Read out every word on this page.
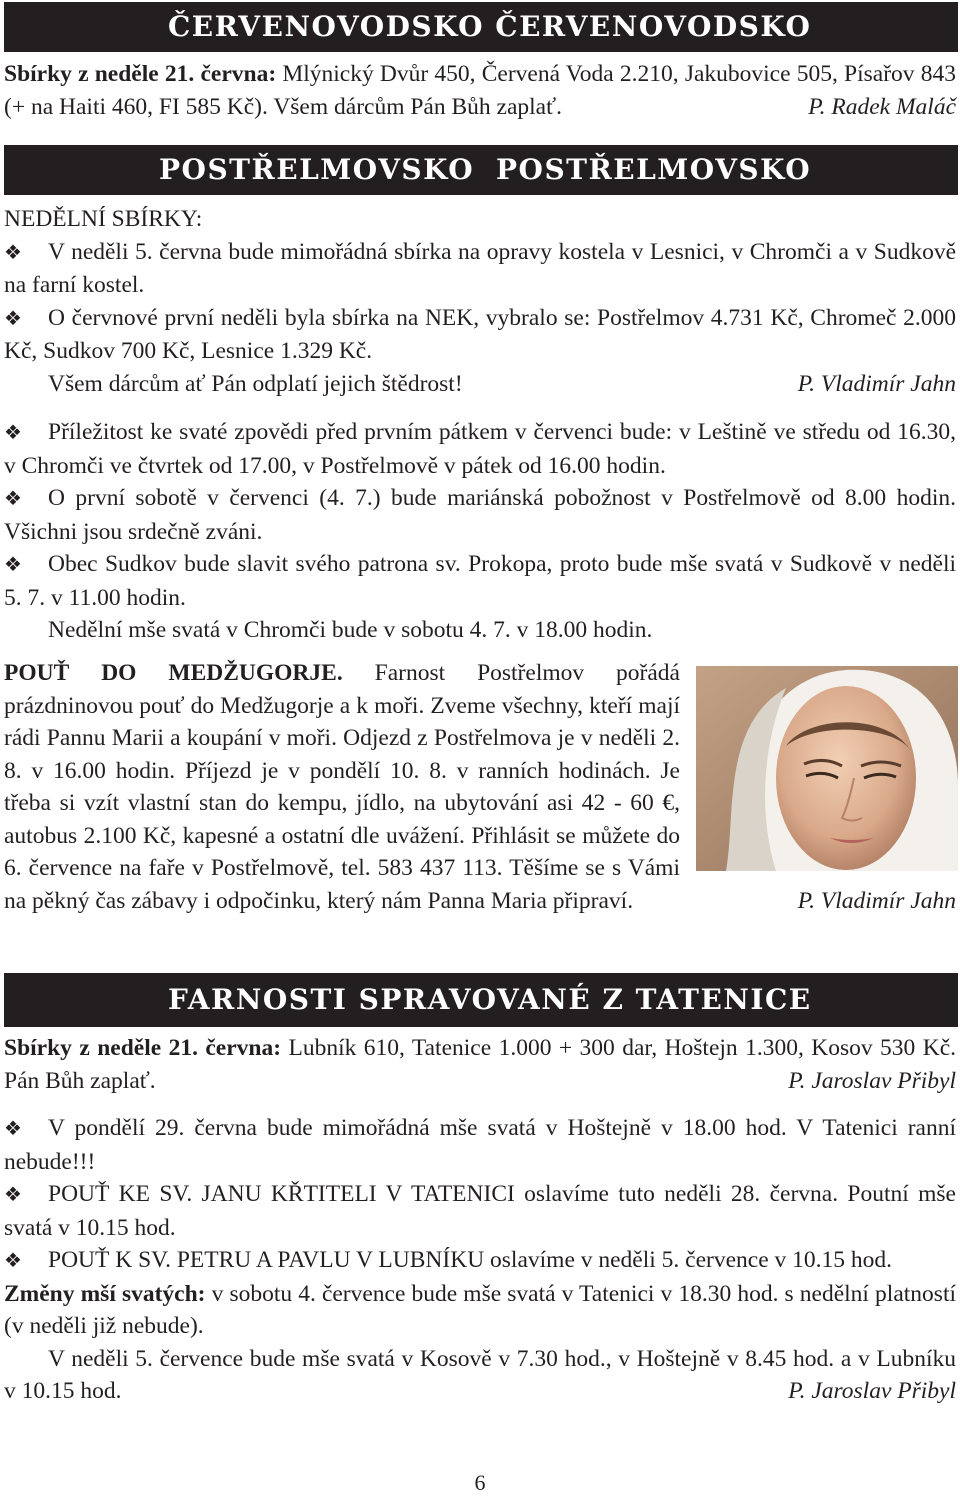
ČERVENOVODSKO ČERVENOVODSKO

Sbírky z neděle 21. června: Mlýnický Dvůr 450, Červená Voda 2.210, Jakubovice 505, Písařov 843 (+ na Haiti 460, FI 585 Kč). Všem dárcům Pán Bůh zaplať.	P. Radek Maláč

POSTŘELMOVSKO POSTŘELMOVSKO

NEDĚLNÍ SBÍRKY:

❖ V neděli 5. června bude mimořádná sbírka na opravy kostela v Lesnici, v Chromči a v Sudkově na farní kostel.

❖ O červnové první neděli byla sbírka na NEK, vybralo se: Postřelmov 4.731 Kč, Chromeč 2.000 Kč, Sudkov 700 Kč, Lesnice 1.329 Kč.

Všem dárcům ať Pán odplatí jejich štědrost!	P. Vladimír Jahn

❖ Příležitost ke svaté zpovědi před prvním pátkem v červenci bude: v Leštině ve středu od 16.30, v Chromči ve čtvrtek od 17.00, v Postřelmově v pátek od 16.00 hodin.

❖ O první sobotě v červenci (4. 7.) bude mariánská pobožnost v Postřelmově od 8.00 hodin. Všichni jsou srdečně zváni.

❖ Obec Sudkov bude slavit svého patrona sv. Prokopa, proto bude mše svatá v Sudkově v neděli 5. 7. v 11.00 hodin.

Nedělní mše svatá v Chromči bude v sobotu 4. 7. v 18.00 hodin.

POUŤ DO MEDŽUGORJE. Farnost Postřelmov pořádá prázdninovou pouť do Medžugorje a k moři. Zveme všechny, kteří mají rádi Pannu Marii a koupání v moři. Odjezd z Postřelmova je v neděli 2. 8. v 16.00 hodin. Příjezd je v pondělí 10. 8. v ranních hodinách. Je třeba si vzít vlastní stan do kempu, jídlo, na ubytování asi 42 - 60 €, autobus 2.100 Kč, kapesné a ostatní dle uvážení. Přihlásit se můžete do 6. července na faře v Postřelmově, tel. 583 437 113. Těšíme se s Vámi na pěkný čas zábavy i odpočinku, který nám Panna Maria připraví.	P. Vladimír Jahn

FARNOSTI SPRAVOVANÉ Z TATENICE

Sbírky z neděle 21. června: Lubník 610, Tatenice 1.000 + 300 dar, Hoštejn 1.300, Kosov 530 Kč. Pán Bůh zaplať.	P. Jaroslav Přibyl

❖ V pondělí 29. června bude mimořádná mše svatá v Hoštejně v 18.00 hod. V Tatenici ranní nebude!!!

❖ POUŤ KE SV. JANU KŘTITELI V TATENICI oslavíme tuto neděli 28. června. Poutní mše svatá v 10.15 hod.

❖ POUŤ K SV. PETRU A PAVLU V LUBNÍKU oslavíme v neděli 5. července v 10.15 hod.

Změny mší svatých: v sobotu 4. července bude mše svatá v Tatenici v 18.30 hod. s nedělní platností (v neděli již nebude).

V neděli 5. července bude mše svatá v Kosově v 7.30 hod., v Hoštejně v 8.45 hod. a v Lubníku v 10.15 hod.	P. Jaroslav Přibyl

6
